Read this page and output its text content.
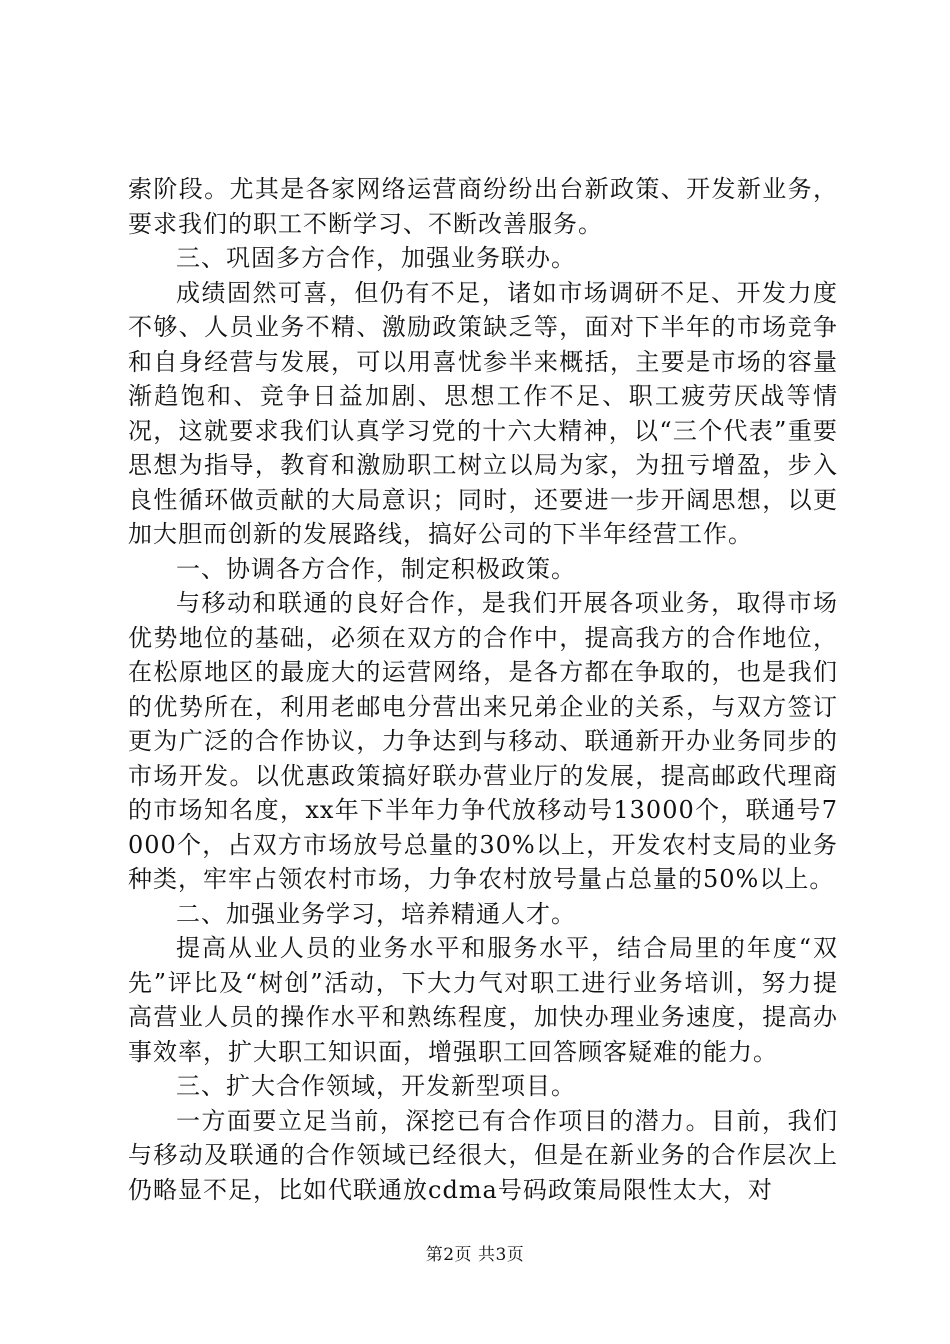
索阶段。尤其是各家网络运营商纷纷出台新政策、开发新业务，要求我们的职工不断学习、不断改善服务。

三、巩固多方合作，加强业务联办。

成绩固然可喜，但仍有不足，诸如市场调研不足、开发力度不够、人员业务不精、激励政策缺乏等，面对下半年的市场竞争和自身经营与发展，可以用喜忧参半来概括，主要是市场的容量渐趋饱和、竞争日益加剧、思想工作不足、职工疲劳厌战等情况，这就要求我们认真学习党的十六大精神，以“三个代表”重要思想为指导，教育和激励职工树立以局为家，为扭亏增盈，步入良性循环做贡献的大局意识；同时，还要进一步开阔思想，以更加大胆而创新的发展路线，搞好公司的下半年经营工作。

一、协调各方合作，制定积极政策。

与移动和联通的良好合作，是我们开展各项业务，取得市场优势地位的基础，必须在双方的合作中，提高我方的合作地位，在松原地区的最庞大的运营网络，是各方都在争取的，也是我们的优势所在，利用老邮电分营出来兄弟企业的关系，与双方签订更为广泛的合作协议，力争达到与移动、联通新开办业务同步的市场开发。以优惠政策搞好联办营业厅的发展，提高邮政代理商的市场知名度，xx年下半年力争代放移动号13000个，联通号7000个，占双方市场放号总量的30%以上，开发农村支局的业务种类，牢牢占领农村市场，力争农村放号量占总量的50%以上。

二、加强业务学习，培养精通人才。

提高从业人员的业务水平和服务水平，结合局里的年度“双先”评比及“树创”活动，下大力气对职工进行业务培训，努力提高营业人员的操作水平和熟练程度，加快办理业务速度，提高办事效率，扩大职工知识面，增强职工回答顾客疑难的能力。

三、扩大合作领域，开发新型项目。

一方面要立足当前，深挖已有合作项目的潜力。目前，我们与移动及联通的合作领域已经很大，但是在新业务的合作层次上仍略显不足，比如代联通放cdma号码政策局限性太大，对

第2页 共3页
